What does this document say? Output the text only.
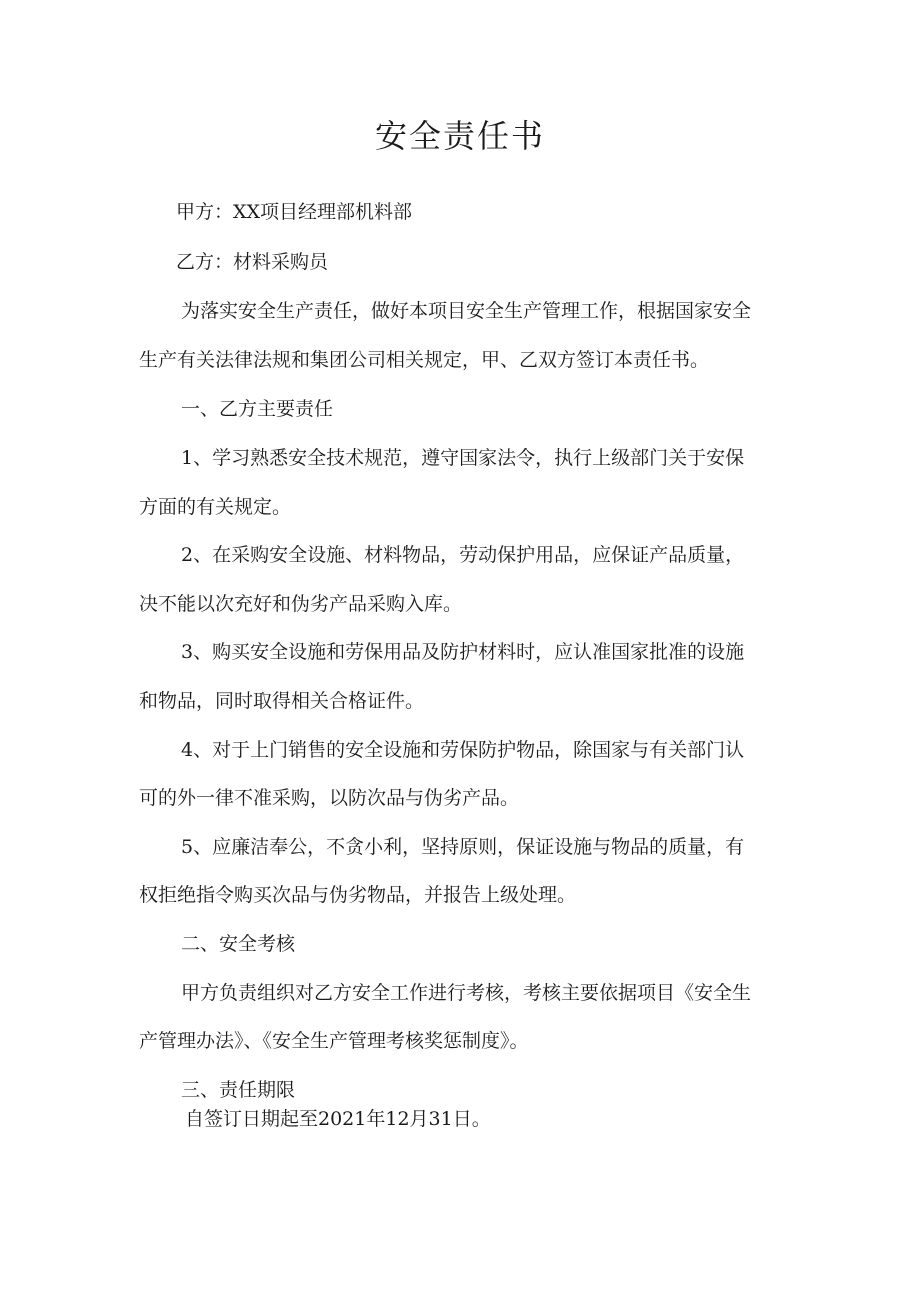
安全责任书
甲方：XX项目经理部机料部
乙方：材料采购员
为落实安全生产责任，做好本项目安全生产管理工作，根据国家安全
生产有关法律法规和集团公司相关规定，甲、乙双方签订本责任书。
一、乙方主要责任
1、学习熟悉安全技术规范，遵守国家法令，执行上级部门关于安保
方面的有关规定。
2、在采购安全设施、材料物品，劳动保护用品，应保证产品质量，
决不能以次充好和伪劣产品采购入库。
3、购买安全设施和劳保用品及防护材料时，应认准国家批准的设施
和物品，同时取得相关合格证件。
4、对于上门销售的安全设施和劳保防护物品，除国家与有关部门认
可的外一律不准采购，以防次品与伪劣产品。
5、应廉洁奉公，不贪小利，坚持原则，保证设施与物品的质量，有
权拒绝指令购买次品与伪劣物品，并报告上级处理。
二、安全考核
甲方负责组织对乙方安全工作进行考核，考核主要依据项目《安全生
产管理办法》、《安全生产管理考核奖惩制度》。
三、责任期限
自签订日期起至2021年12月31日。
